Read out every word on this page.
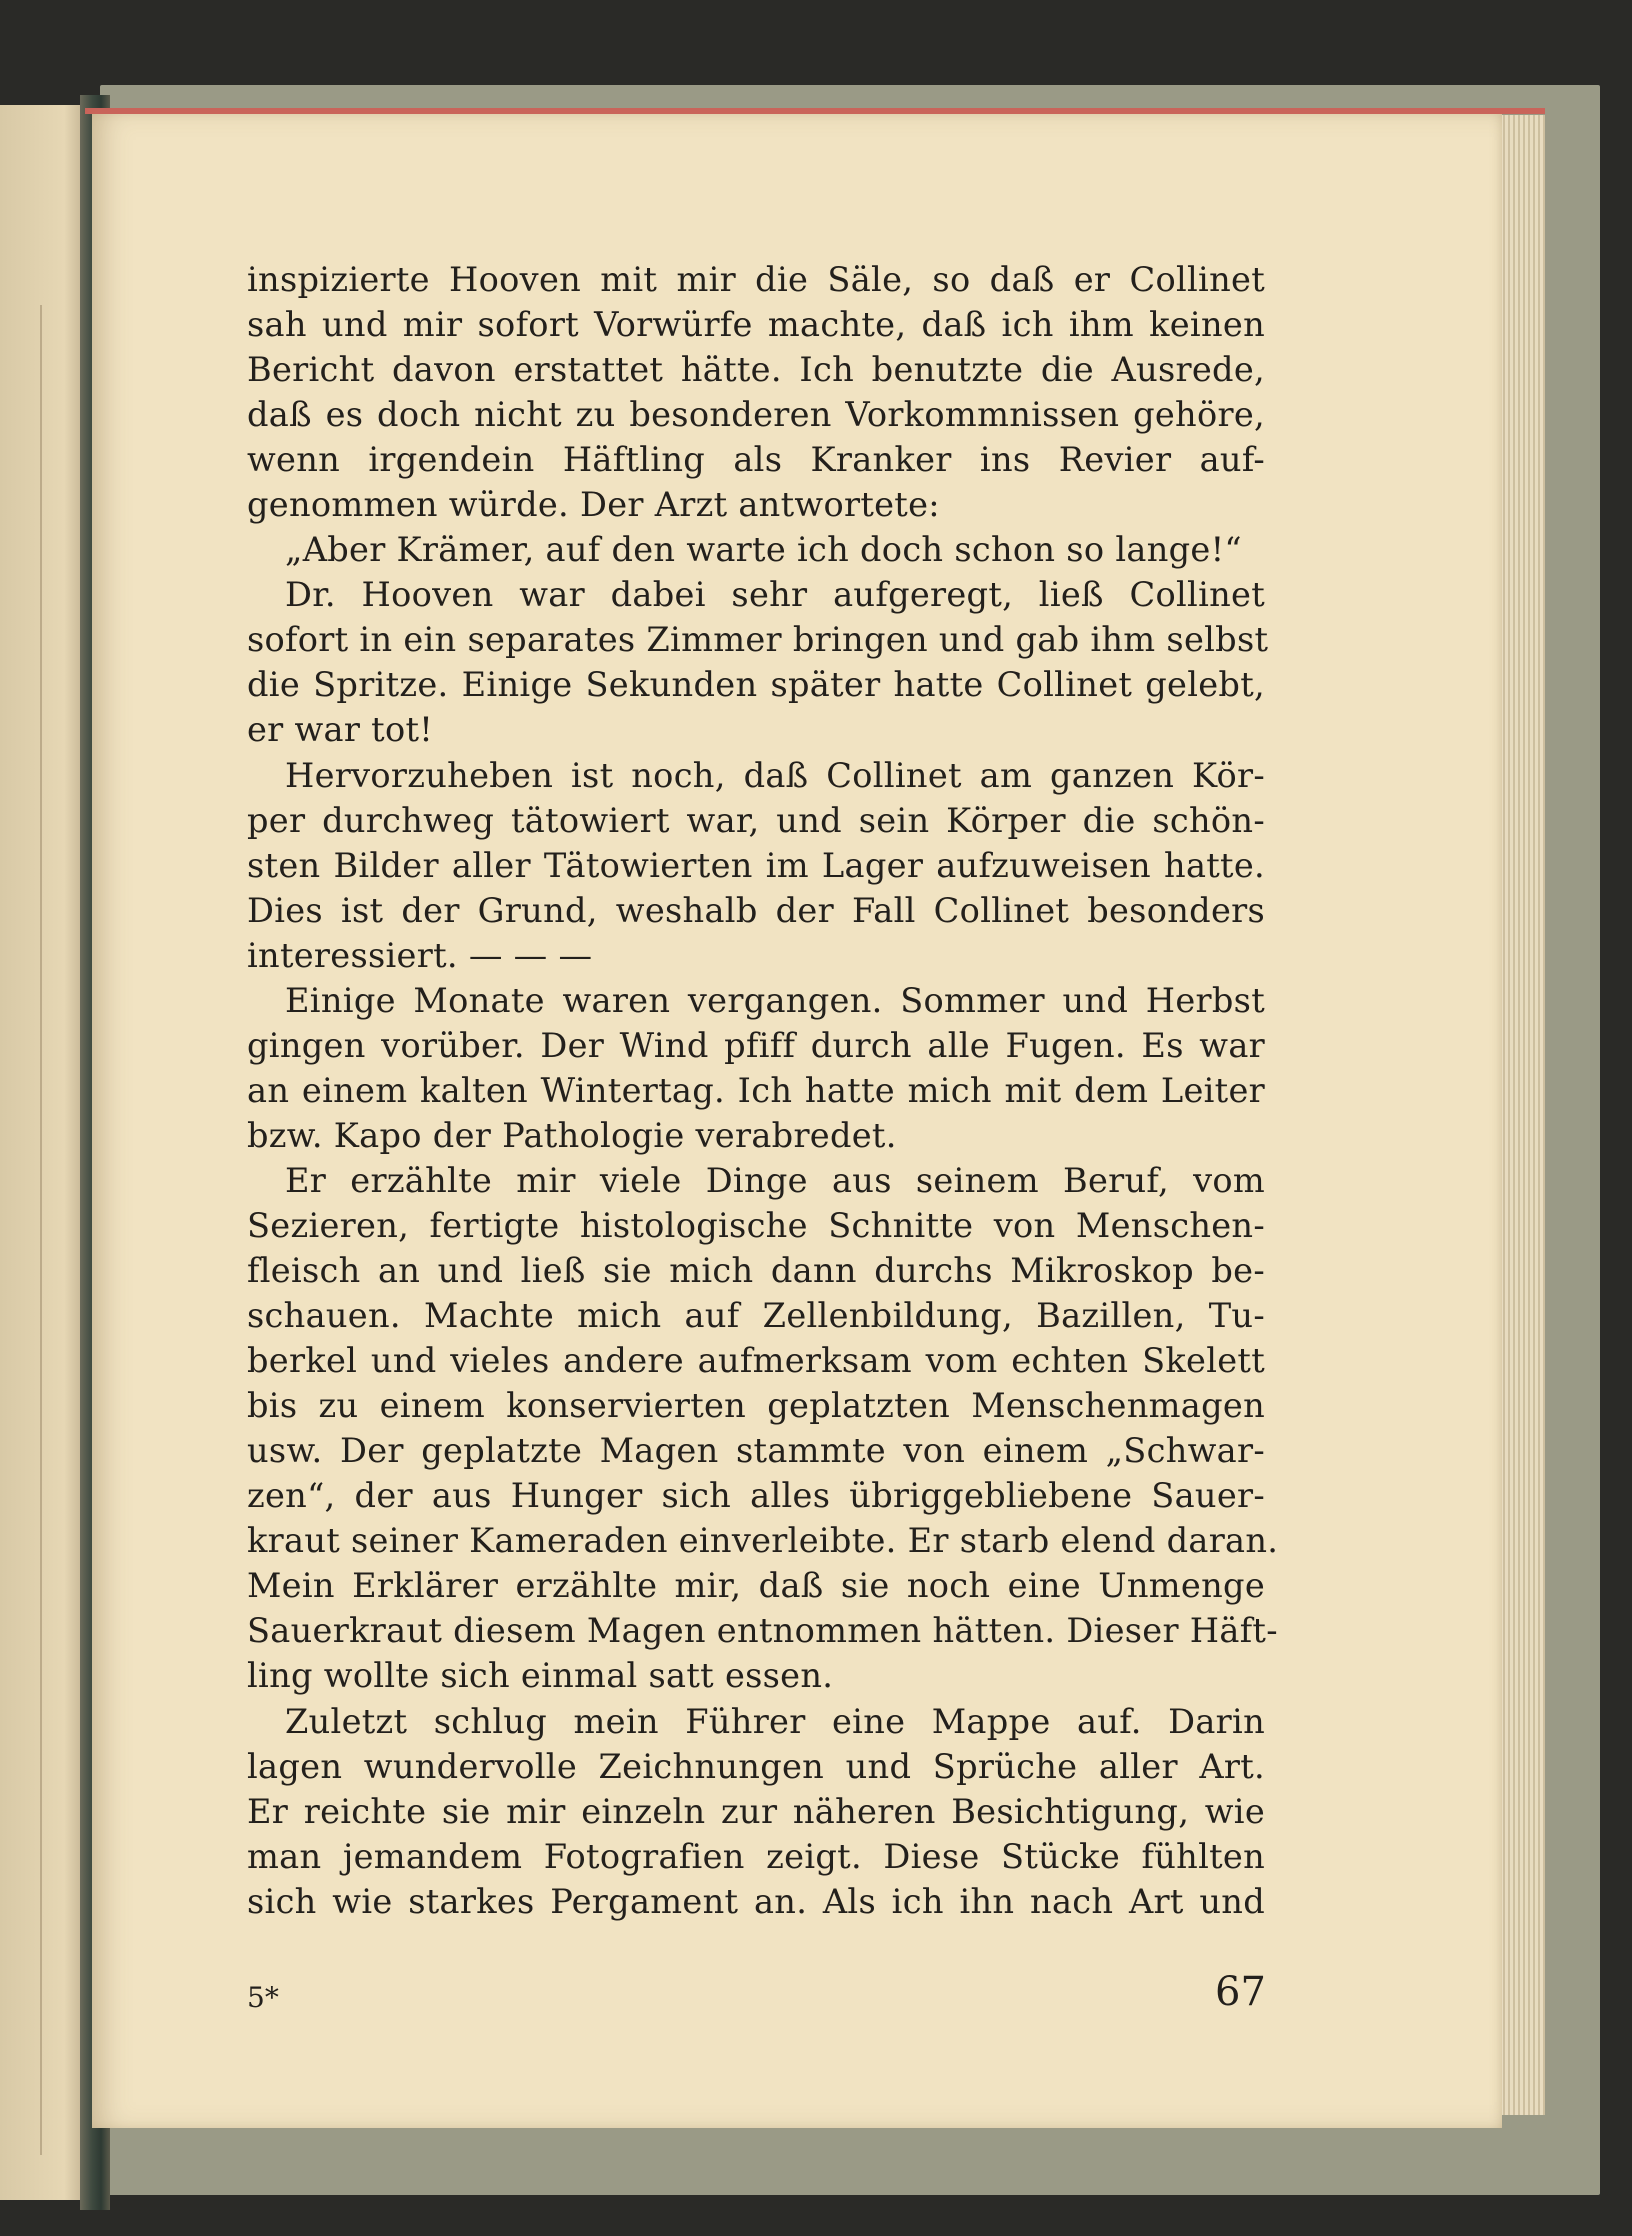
inspizierte Hooven mit mir die Säle, so daß er Collinet
sah und mir sofort Vorwürfe machte, daß ich ihm keinen
Bericht davon erstattet hätte. Ich benutzte die Ausrede,
daß es doch nicht zu besonderen Vorkommnissen gehöre,
wenn irgendein Häftling als Kranker ins Revier auf-
genommen würde. Der Arzt antwortete:
„Aber Krämer, auf den warte ich doch schon so lange!“
Dr. Hooven war dabei sehr aufgeregt, ließ Collinet
sofort in ein separates Zimmer bringen und gab ihm selbst
die Spritze. Einige Sekunden später hatte Collinet gelebt,
er war tot!
Hervorzuheben ist noch, daß Collinet am ganzen Kör-
per durchweg tätowiert war, und sein Körper die schön-
sten Bilder aller Tätowierten im Lager aufzuweisen hatte.
Dies ist der Grund, weshalb der Fall Collinet besonders
interessiert. — — —
Einige Monate waren vergangen. Sommer und Herbst
gingen vorüber. Der Wind pfiff durch alle Fugen. Es war
an einem kalten Wintertag. Ich hatte mich mit dem Leiter
bzw. Kapo der Pathologie verabredet.
Er erzählte mir viele Dinge aus seinem Beruf, vom
Sezieren, fertigte histologische Schnitte von Menschen-
fleisch an und ließ sie mich dann durchs Mikroskop be-
schauen. Machte mich auf Zellenbildung, Bazillen, Tu-
berkel und vieles andere aufmerksam vom echten Skelett
bis zu einem konservierten geplatzten Menschenmagen
usw. Der geplatzte Magen stammte von einem „Schwar-
zen“, der aus Hunger sich alles übriggebliebene Sauer-
kraut seiner Kameraden einverleibte. Er starb elend daran.
Mein Erklärer erzählte mir, daß sie noch eine Unmenge
Sauerkraut diesem Magen entnommen hätten. Dieser Häft-
ling wollte sich einmal satt essen.
Zuletzt schlug mein Führer eine Mappe auf. Darin
lagen wundervolle Zeichnungen und Sprüche aller Art.
Er reichte sie mir einzeln zur näheren Besichtigung, wie
man jemandem Fotografien zeigt. Diese Stücke fühlten
sich wie starkes Pergament an. Als ich ihn nach Art und
5*	67
